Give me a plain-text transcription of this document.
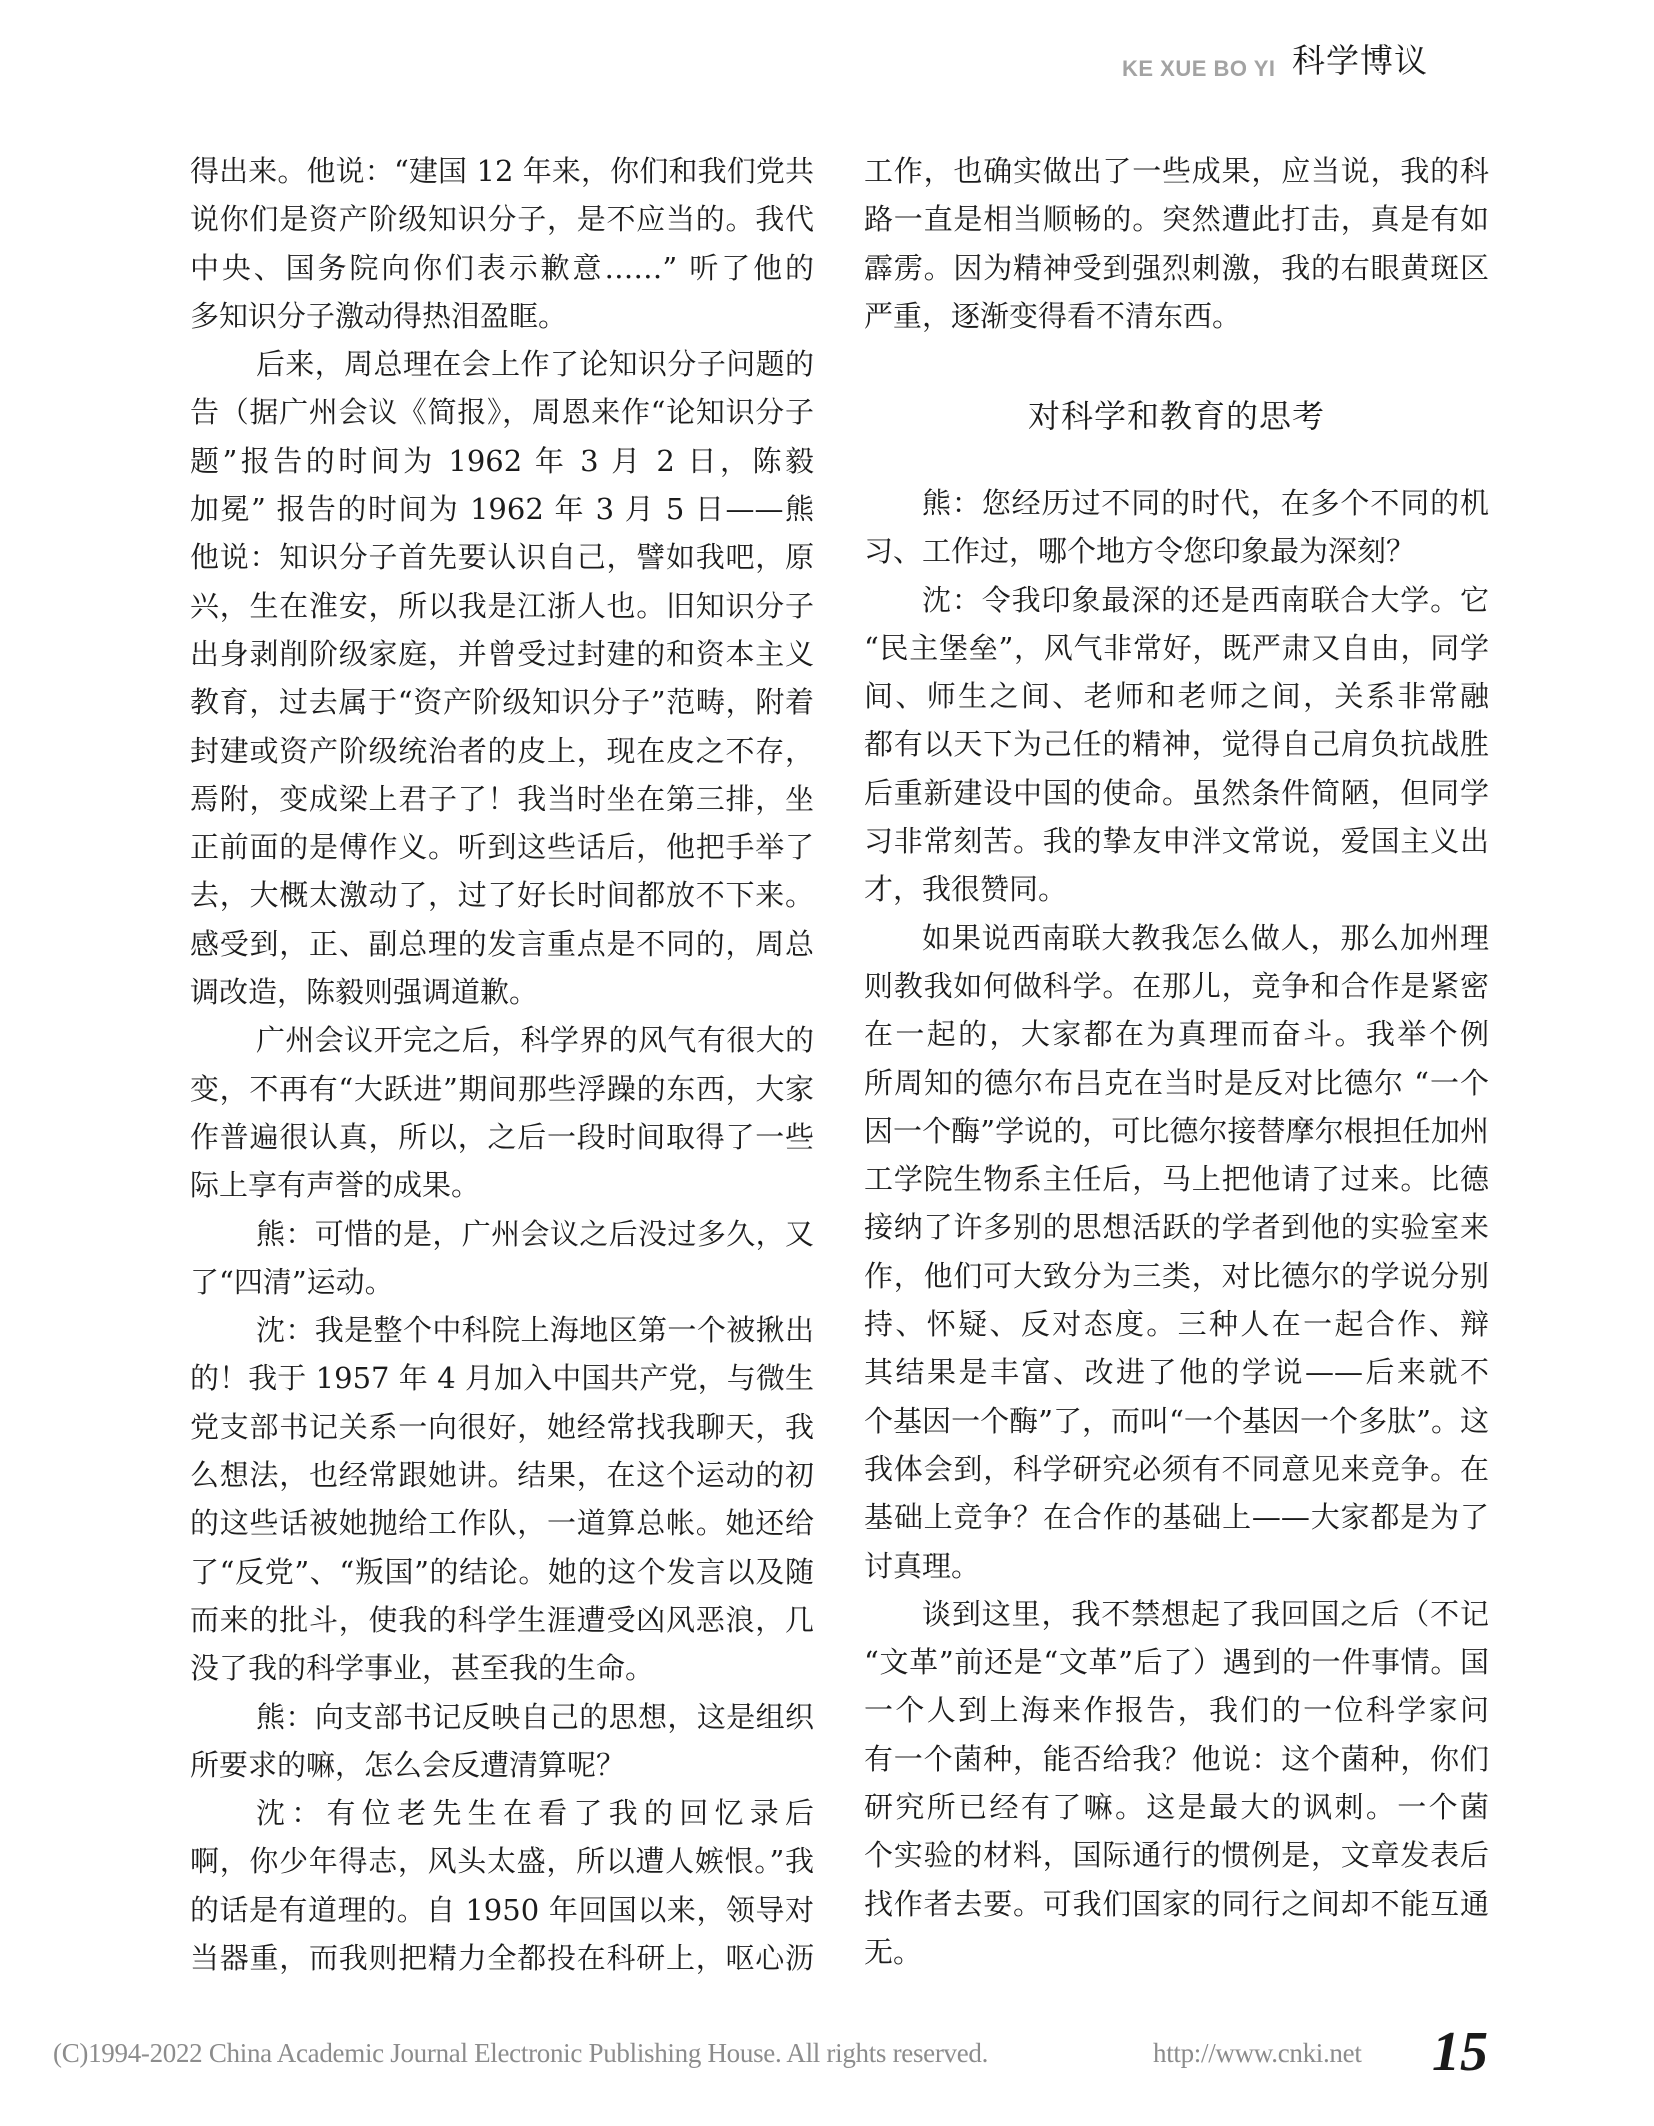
KE XUE BO YI 科学博议
得出来。他说：“建国 12 年来，你们和我们党共
说你们是资产阶级知识分子，是不应当的。我代
中央、国务院向你们表示歉意……” 听了他的
多知识分子激动得热泪盈眶。
后来，周总理在会上作了论知识分子问题的
告（据广州会议《简报》，周恩来作“论知识分子
题”报告的时间为 1962 年 3 月 2 日，陈毅
加冕” 报告的时间为 1962 年 3 月 5 日——熊
他说：知识分子首先要认识自己，譬如我吧，原
兴，生在淮安，所以我是江浙人也。旧知识分子
出身剥削阶级家庭，并曾受过封建的和资本主义
教育，过去属于“资产阶级知识分子”范畴，附着
封建或资产阶级统治者的皮上，现在皮之不存，
焉附，变成梁上君子了！我当时坐在第三排，坐
正前面的是傅作义。听到这些话后，他把手举了
去，大概太激动了，过了好长时间都放不下来。
感受到，正、副总理的发言重点是不同的，周总
调改造，陈毅则强调道歉。
广州会议开完之后，科学界的风气有很大的
变，不再有“大跃进”期间那些浮躁的东西，大家
作普遍很认真，所以，之后一段时间取得了一些
际上享有声誉的成果。
熊：可惜的是，广州会议之后没过多久，又
了“四清”运动。
沈：我是整个中科院上海地区第一个被揪出
的！我于 1957 年 4 月加入中国共产党，与微生
党支部书记关系一向很好，她经常找我聊天，我
么想法，也经常跟她讲。结果，在这个运动的初
的这些话被她抛给工作队，一道算总帐。她还给
了“反党”、“叛国”的结论。她的这个发言以及随
而来的批斗，使我的科学生涯遭受凶风恶浪，几
没了我的科学事业，甚至我的生命。
熊：向支部书记反映自己的思想，这是组织
所要求的嘛，怎么会反遭清算呢？
沈：有位老先生在看了我的回忆录后
啊，你少年得志，风头太盛，所以遭人嫉恨。”我
的话是有道理的。自 1950 年回国以来，领导对
当器重，而我则把精力全都投在科研上，呕心沥
工作，也确实做出了一些成果，应当说，我的科
路一直是相当顺畅的。突然遭此打击，真是有如
霹雳。因为精神受到强烈刺激，我的右眼黄斑区
严重，逐渐变得看不清东西。
对科学和教育的思考
熊：您经历过不同的时代，在多个不同的机
习、工作过，哪个地方令您印象最为深刻？
沈：令我印象最深的还是西南联合大学。它
“民主堡垒”，风气非常好，既严肃又自由，同学
间、师生之间、老师和老师之间，关系非常融
都有以天下为己任的精神，觉得自己肩负抗战胜
后重新建设中国的使命。虽然条件简陋，但同学
习非常刻苦。我的挚友申泮文常说，爱国主义出
才，我很赞同。
如果说西南联大教我怎么做人，那么加州理
则教我如何做科学。在那儿，竞争和合作是紧密
在一起的，大家都在为真理而奋斗。我举个例
所周知的德尔布吕克在当时是反对比德尔 “一个
因一个酶”学说的，可比德尔接替摩尔根担任加州
工学院生物系主任后，马上把他请了过来。比德
接纳了许多别的思想活跃的学者到他的实验室来
作，他们可大致分为三类，对比德尔的学说分别
持、怀疑、反对态度。三种人在一起合作、辩
其结果是丰富、改进了他的学说——后来就不
个基因一个酶”了，而叫“一个基因一个多肽”。这
我体会到，科学研究必须有不同意见来竞争。在
基础上竞争？在合作的基础上——大家都是为了
讨真理。
谈到这里，我不禁想起了我回国之后（不记
“文革”前还是“文革”后了）遇到的一件事情。国
一个人到上海来作报告，我们的一位科学家问
有一个菌种，能否给我？他说：这个菌种，你们
研究所已经有了嘛。这是最大的讽刺。一个菌
个实验的材料，国际通行的惯例是，文章发表后
找作者去要。可我们国家的同行之间却不能互通
无。
(C)1994-2022 China Academic Journal Electronic Publishing House. All rights reserved.	http://www.cnki.net 15
